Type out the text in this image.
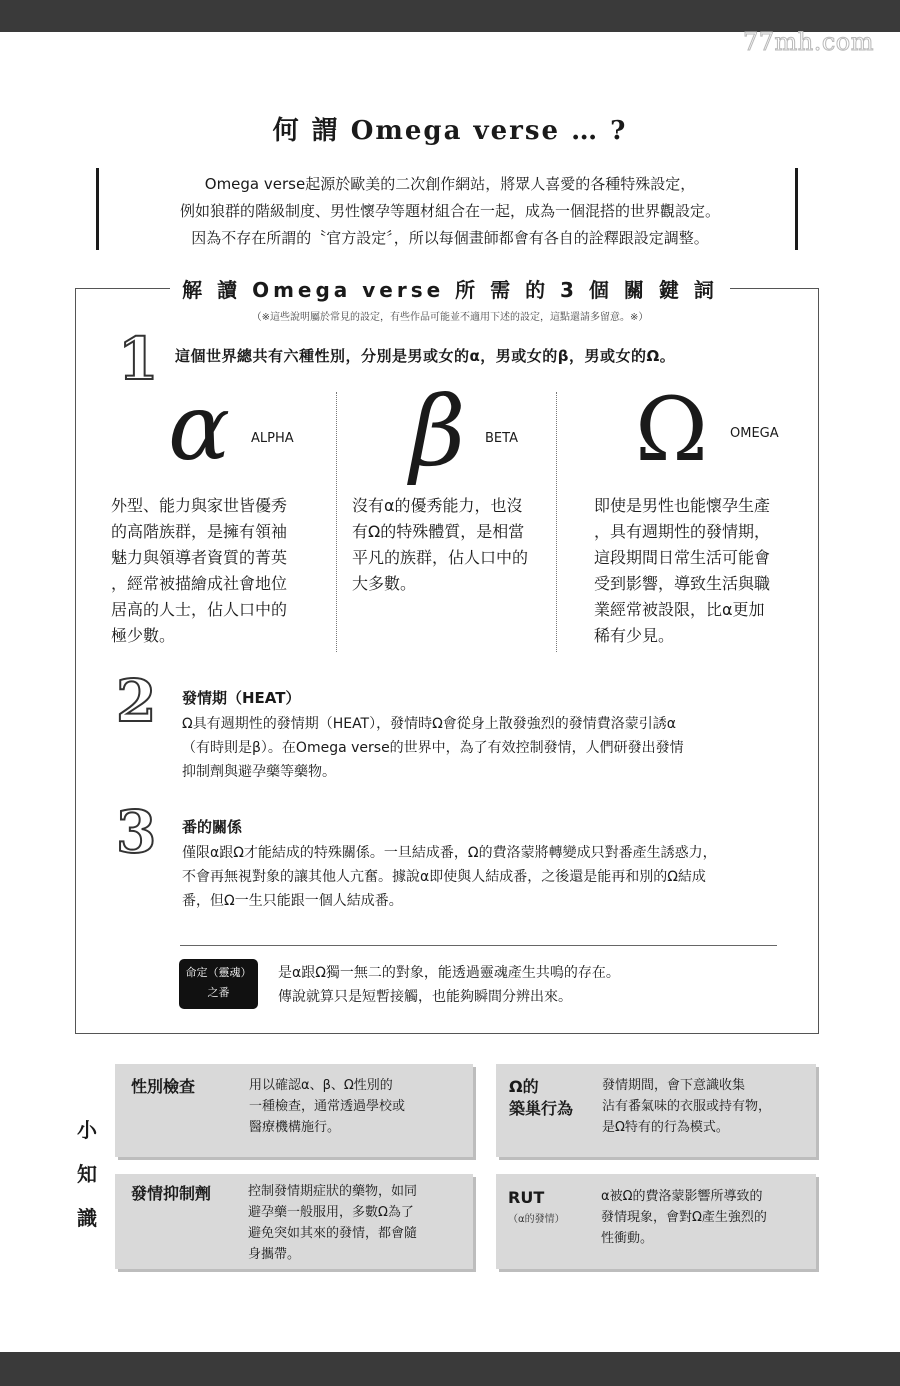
77mh.com
何 謂 Omega verse … ?
Omega verse起源於歐美的二次創作網站，將眾人喜愛的各種特殊設定，
例如狼群的階級制度、男性懷孕等題材組合在一起，成為一個混搭的世界觀設定。
因為不存在所謂的〝官方設定〞，所以每個畫師都會有各自的詮釋跟設定調整。
解 讀 Omega verse 所 需 的 3 個 關 鍵 詞
（※這些說明屬於常見的設定，有些作品可能並不適用下述的設定，這點還請多留意。※）
1 這個世界總共有六種性別，分別是男或女的α，男或女的β，男或女的Ω。
α ALPHA
外型、能力與家世皆優秀
的高階族群，是擁有領袖
魅力與領導者資質的菁英
，經常被描繪成社會地位
居高的人士，佔人口中的
極少數。
β BETA
沒有α的優秀能力，也沒
有Ω的特殊體質，是相當
平凡的族群，佔人口中的
大多數。
Ω OMEGA
即使是男性也能懷孕生產
，具有週期性的發情期，
這段期間日常生活可能會
受到影響，導致生活與職
業經常被設限，比α更加
稀有少見。
2 發情期（HEAT）
Ω具有週期性的發情期（HEAT），發情時Ω會從身上散發強烈的發情費洛蒙引誘α
（有時則是β）。在Omega verse的世界中，為了有效控制發情，人們研發出發情
抑制劑與避孕藥等藥物。
3 番的關係
僅限α跟Ω才能結成的特殊關係。一旦結成番，Ω的費洛蒙將轉變成只對番產生誘惑力，
不會再無視對象的讓其他人亢奮。據說α即使與人結成番，之後還是能再和別的Ω結成
番，但Ω一生只能跟一個人結成番。
命定（靈魂）
之番
是α跟Ω獨一無二的對象，能透過靈魂產生共鳴的存在。
傳說就算只是短暫接觸，也能夠瞬間分辨出來。
小
知
識
性別檢查	用以確認α、β、Ω性別的
一種檢查，通常透過學校或
醫療機構施行。
Ω的
築巢行為
發情期間，會下意識收集
沾有番氣味的衣服或持有物，
是Ω特有的行為模式。
發情抑制劑	控制發情期症狀的藥物，如同
避孕藥一般服用，多數Ω為了
避免突如其來的發情，都會隨
身攜帶。
RUT
（α的發情）
α被Ω的費洛蒙影響所導致的
發情現象，會對Ω產生強烈的
性衝動。
